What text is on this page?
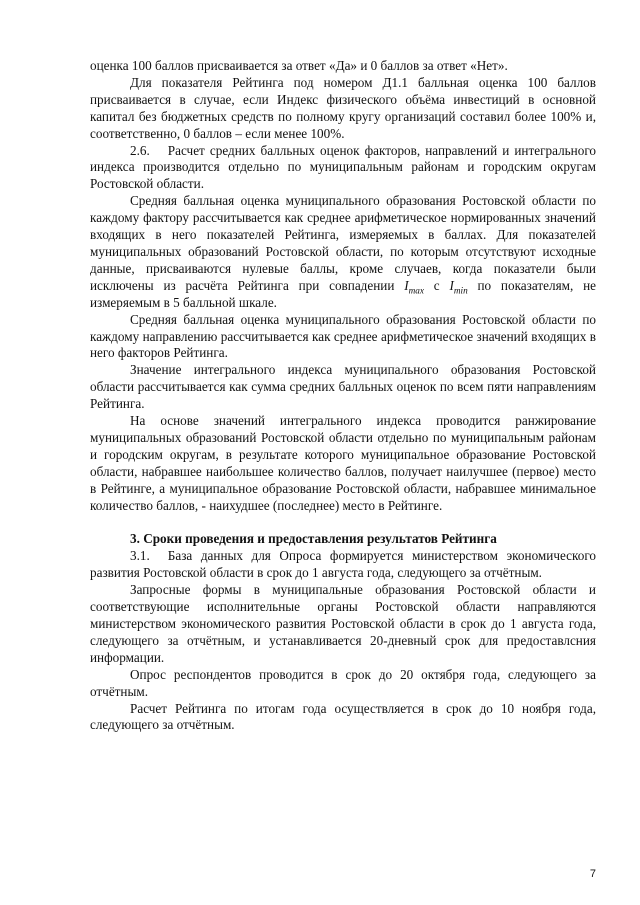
оценка 100 баллов присваивается за ответ «Да» и 0 баллов за ответ «Нет».

Для показателя Рейтинга под номером Д1.1 балльная оценка 100 баллов присваивается в случае, если Индекс физического объёма инвестиций в основной капитал без бюджетных средств по полному кругу организаций составил более 100% и, соответственно, 0 баллов – если менее 100%.

2.6. Расчет средних балльных оценок факторов, направлений и интегрального индекса производится отдельно по муниципальным районам и городским округам Ростовской области.

Средняя балльная оценка муниципального образования Ростовской области по каждому фактору рассчитывается как среднее арифметическое нормированных значений входящих в него показателей Рейтинга, измеряемых в баллах. Для показателей муниципальных образований Ростовской области, по которым отсутствуют исходные данные, присваиваются нулевые баллы, кроме случаев, когда показатели были исключены из расчёта Рейтинга при совпадении $I_{max}$ с $I_{min}$ по показателям, не измеряемым в 5 балльной шкале.

Средняя балльная оценка муниципального образования Ростовской области по каждому направлению рассчитывается как среднее арифметическое значений входящих в него факторов Рейтинга.

Значение интегрального индекса муниципального образования Ростовской области рассчитывается как сумма средних балльных оценок по всем пяти направлениям Рейтинга.

На основе значений интегрального индекса проводится ранжирование муниципальных образований Ростовской области отдельно по муниципальным районам и городским округам, в результате которого муниципальное образование Ростовской области, набравшее наибольшее количество баллов, получает наилучшее (первое) место в Рейтинге, а муниципальное образование Ростовской области, набравшее минимальное количество баллов, - наихудшее (последнее) место в Рейтинге.

3. Сроки проведения и предоставления результатов Рейтинга

3.1. База данных для Опроса формируется министерством экономического развития Ростовской области в срок до 1 августа года, следующего за отчётным.

Запросные формы в муниципальные образования Ростовской области и соответствующие исполнительные органы Ростовской области направляются министерством экономического развития Ростовской области в срок до 1 августа года, следующего за отчётным, и устанавливается 20-дневный срок для предоставлсния информации.

Опрос респондентов проводится в срок до 20 октября года, следующего за отчётным.

Расчет Рейтинга по итогам года осуществляется в срок до 10 ноября года, следующего за отчётным.

7
